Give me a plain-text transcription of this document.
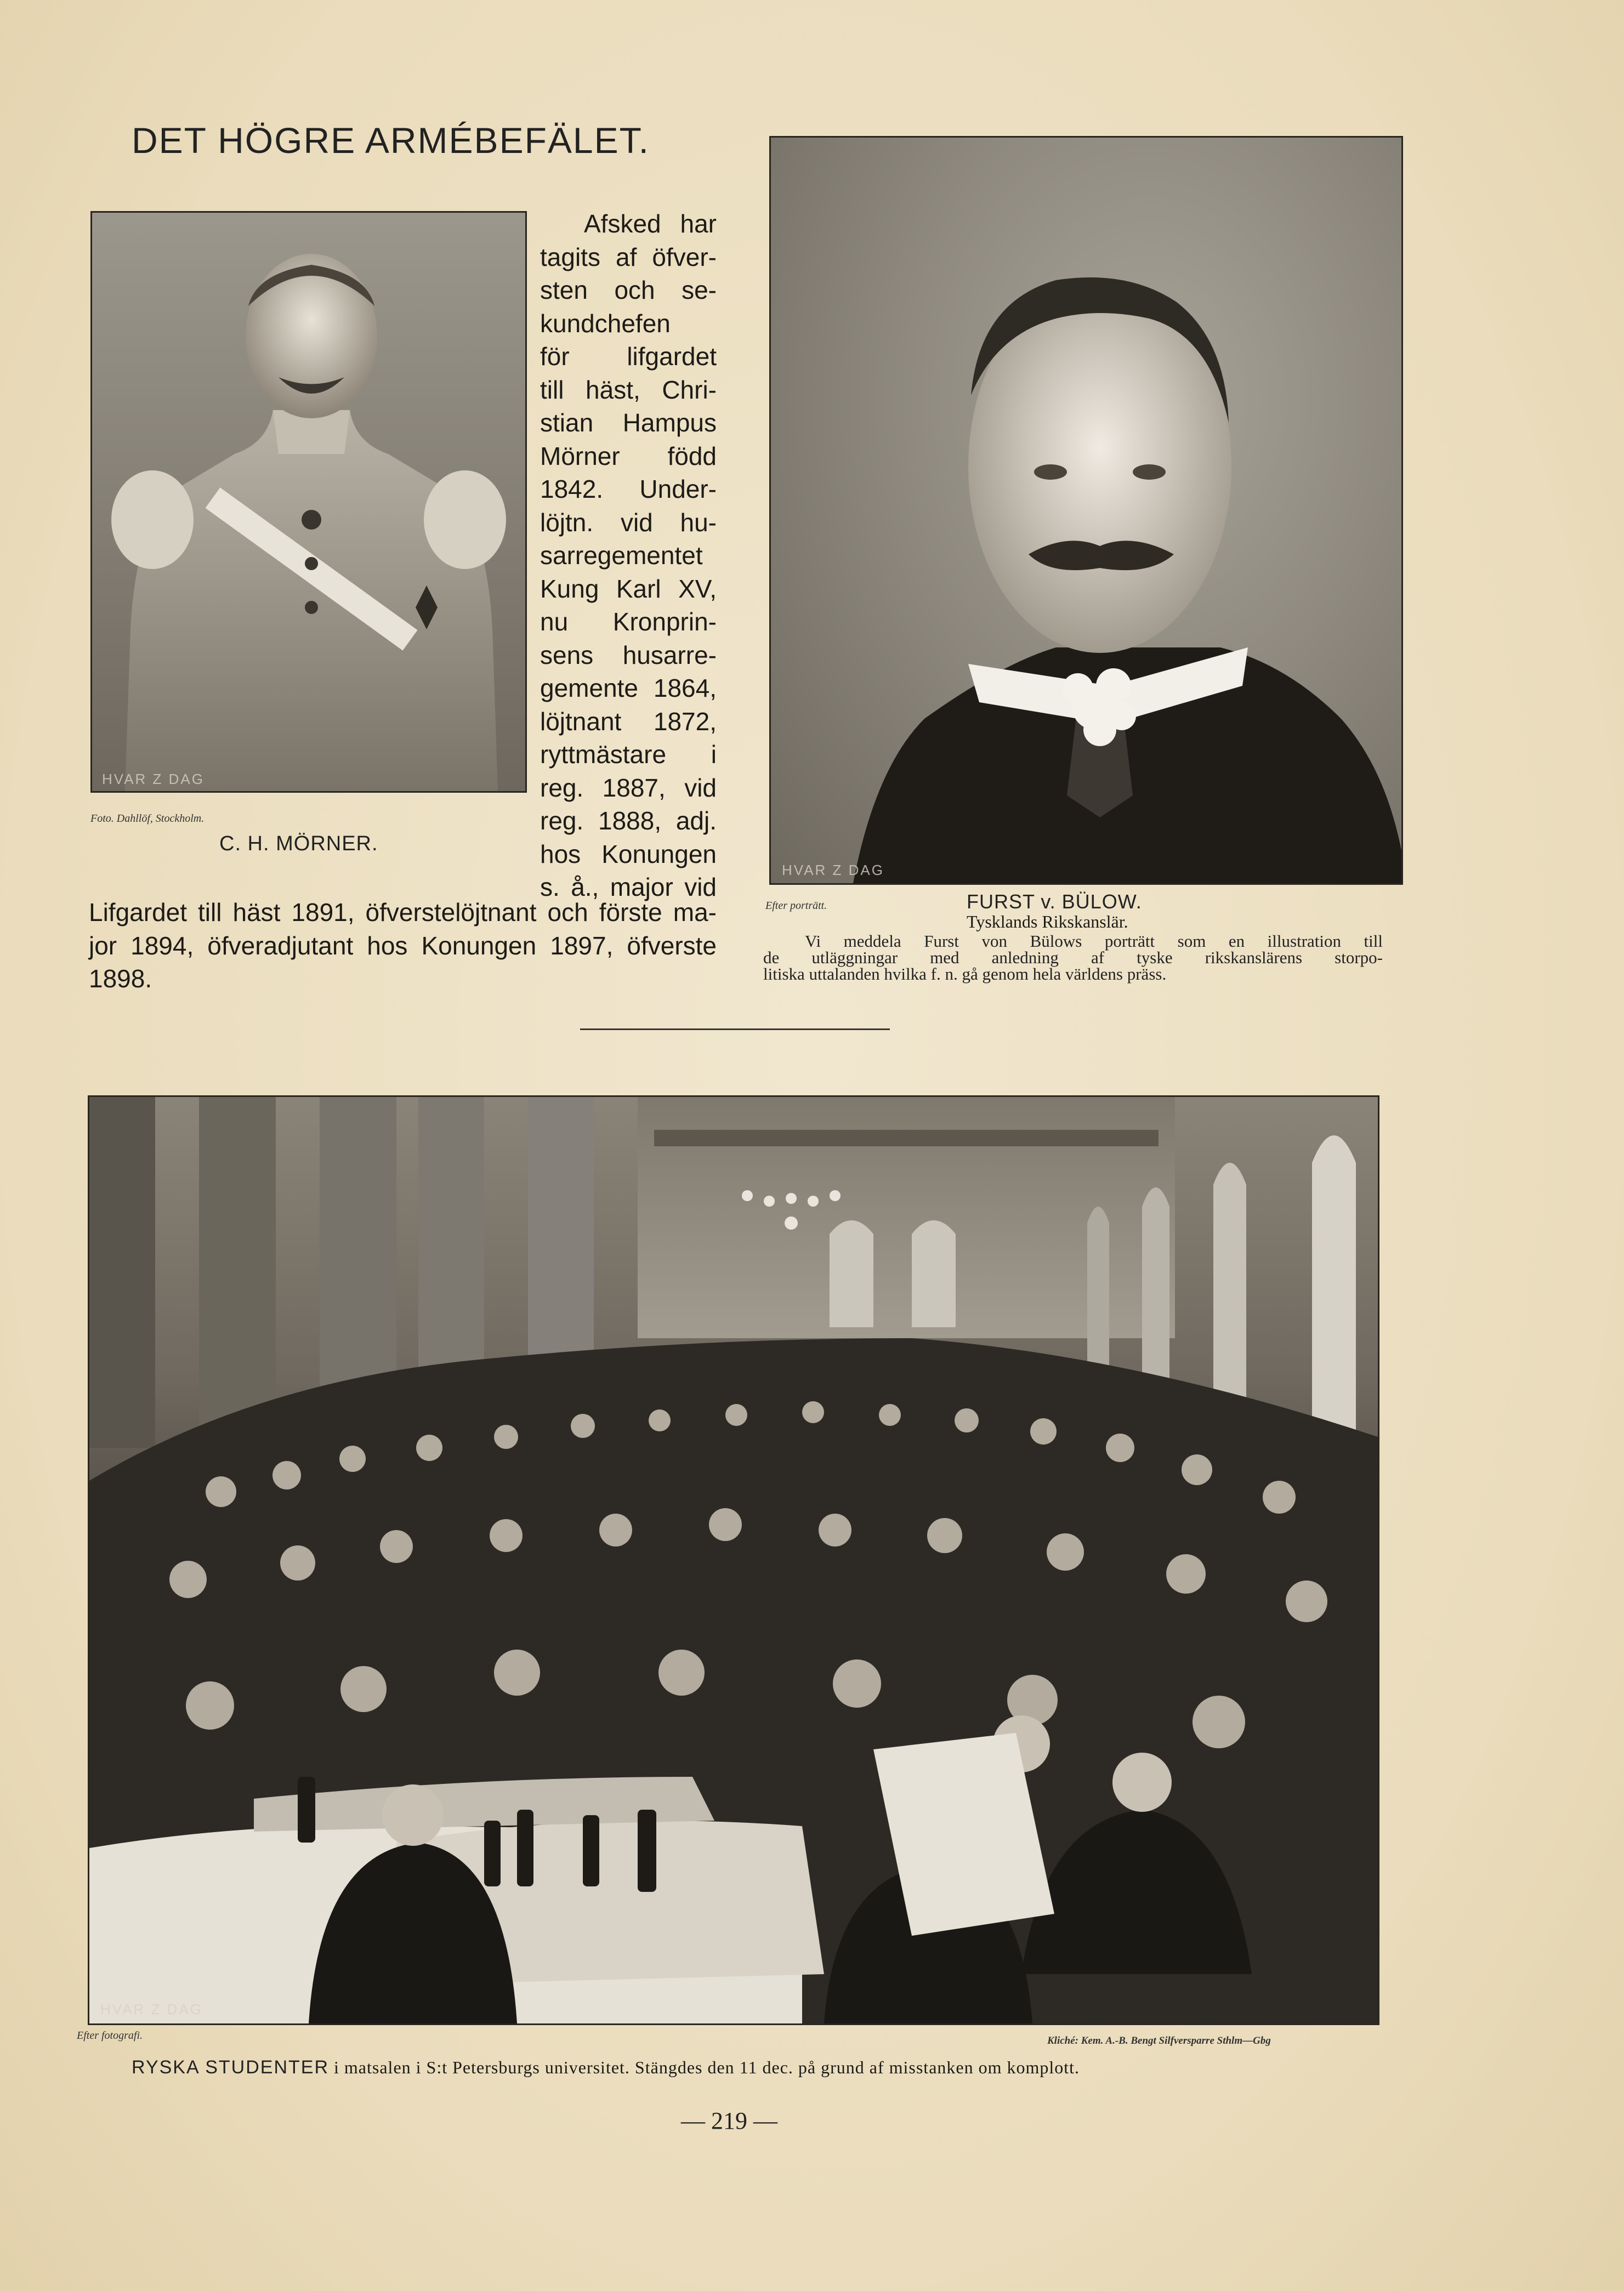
DET HÖGRE ARMÉBEFÄLET.
HVAR Z DAG
Foto. Dahllöf, Stockholm.
C. H. MÖRNER.
Afsked har
tagits af öfver-
sten och se-
kundchefen
för lifgardet
till häst, Chri-
stian Hampus
Mörner född
1842. Under-
löjtn. vid hu-
sarregementet
Kung Karl XV,
nu Kronprin-
sens husarre-
gemente 1864,
löjtnant 1872,
ryttmästare i
reg. 1887, vid
reg. 1888, adj.
hos Konungen
s. å., major vid
Lifgardet till häst 1891, öfverstelöjtnant och förste ma-
jor 1894, öfveradjutant hos Konungen 1897, öfverste
1898.
HVAR Z DAG
Efter porträtt.	FURST v. BÜLOW.
Tysklands Rikskanslär.
Vi meddela Furst von Bülows porträtt som en illustration till
de utläggningar med anledning af tyske rikskanslärens storpo-
litiska uttalanden hvilka f. n. gå genom hela världens präss.
HVAR Z DAG
Efter fotografi.	Kliché: Kem. A.-B. Bengt Silfversparre Sthlm—Gbg
RYSKA STUDENTER i matsalen i S:t Petersburgs universitet. Stängdes den 11 dec. på grund af misstanken om komplott.
— 219 —
